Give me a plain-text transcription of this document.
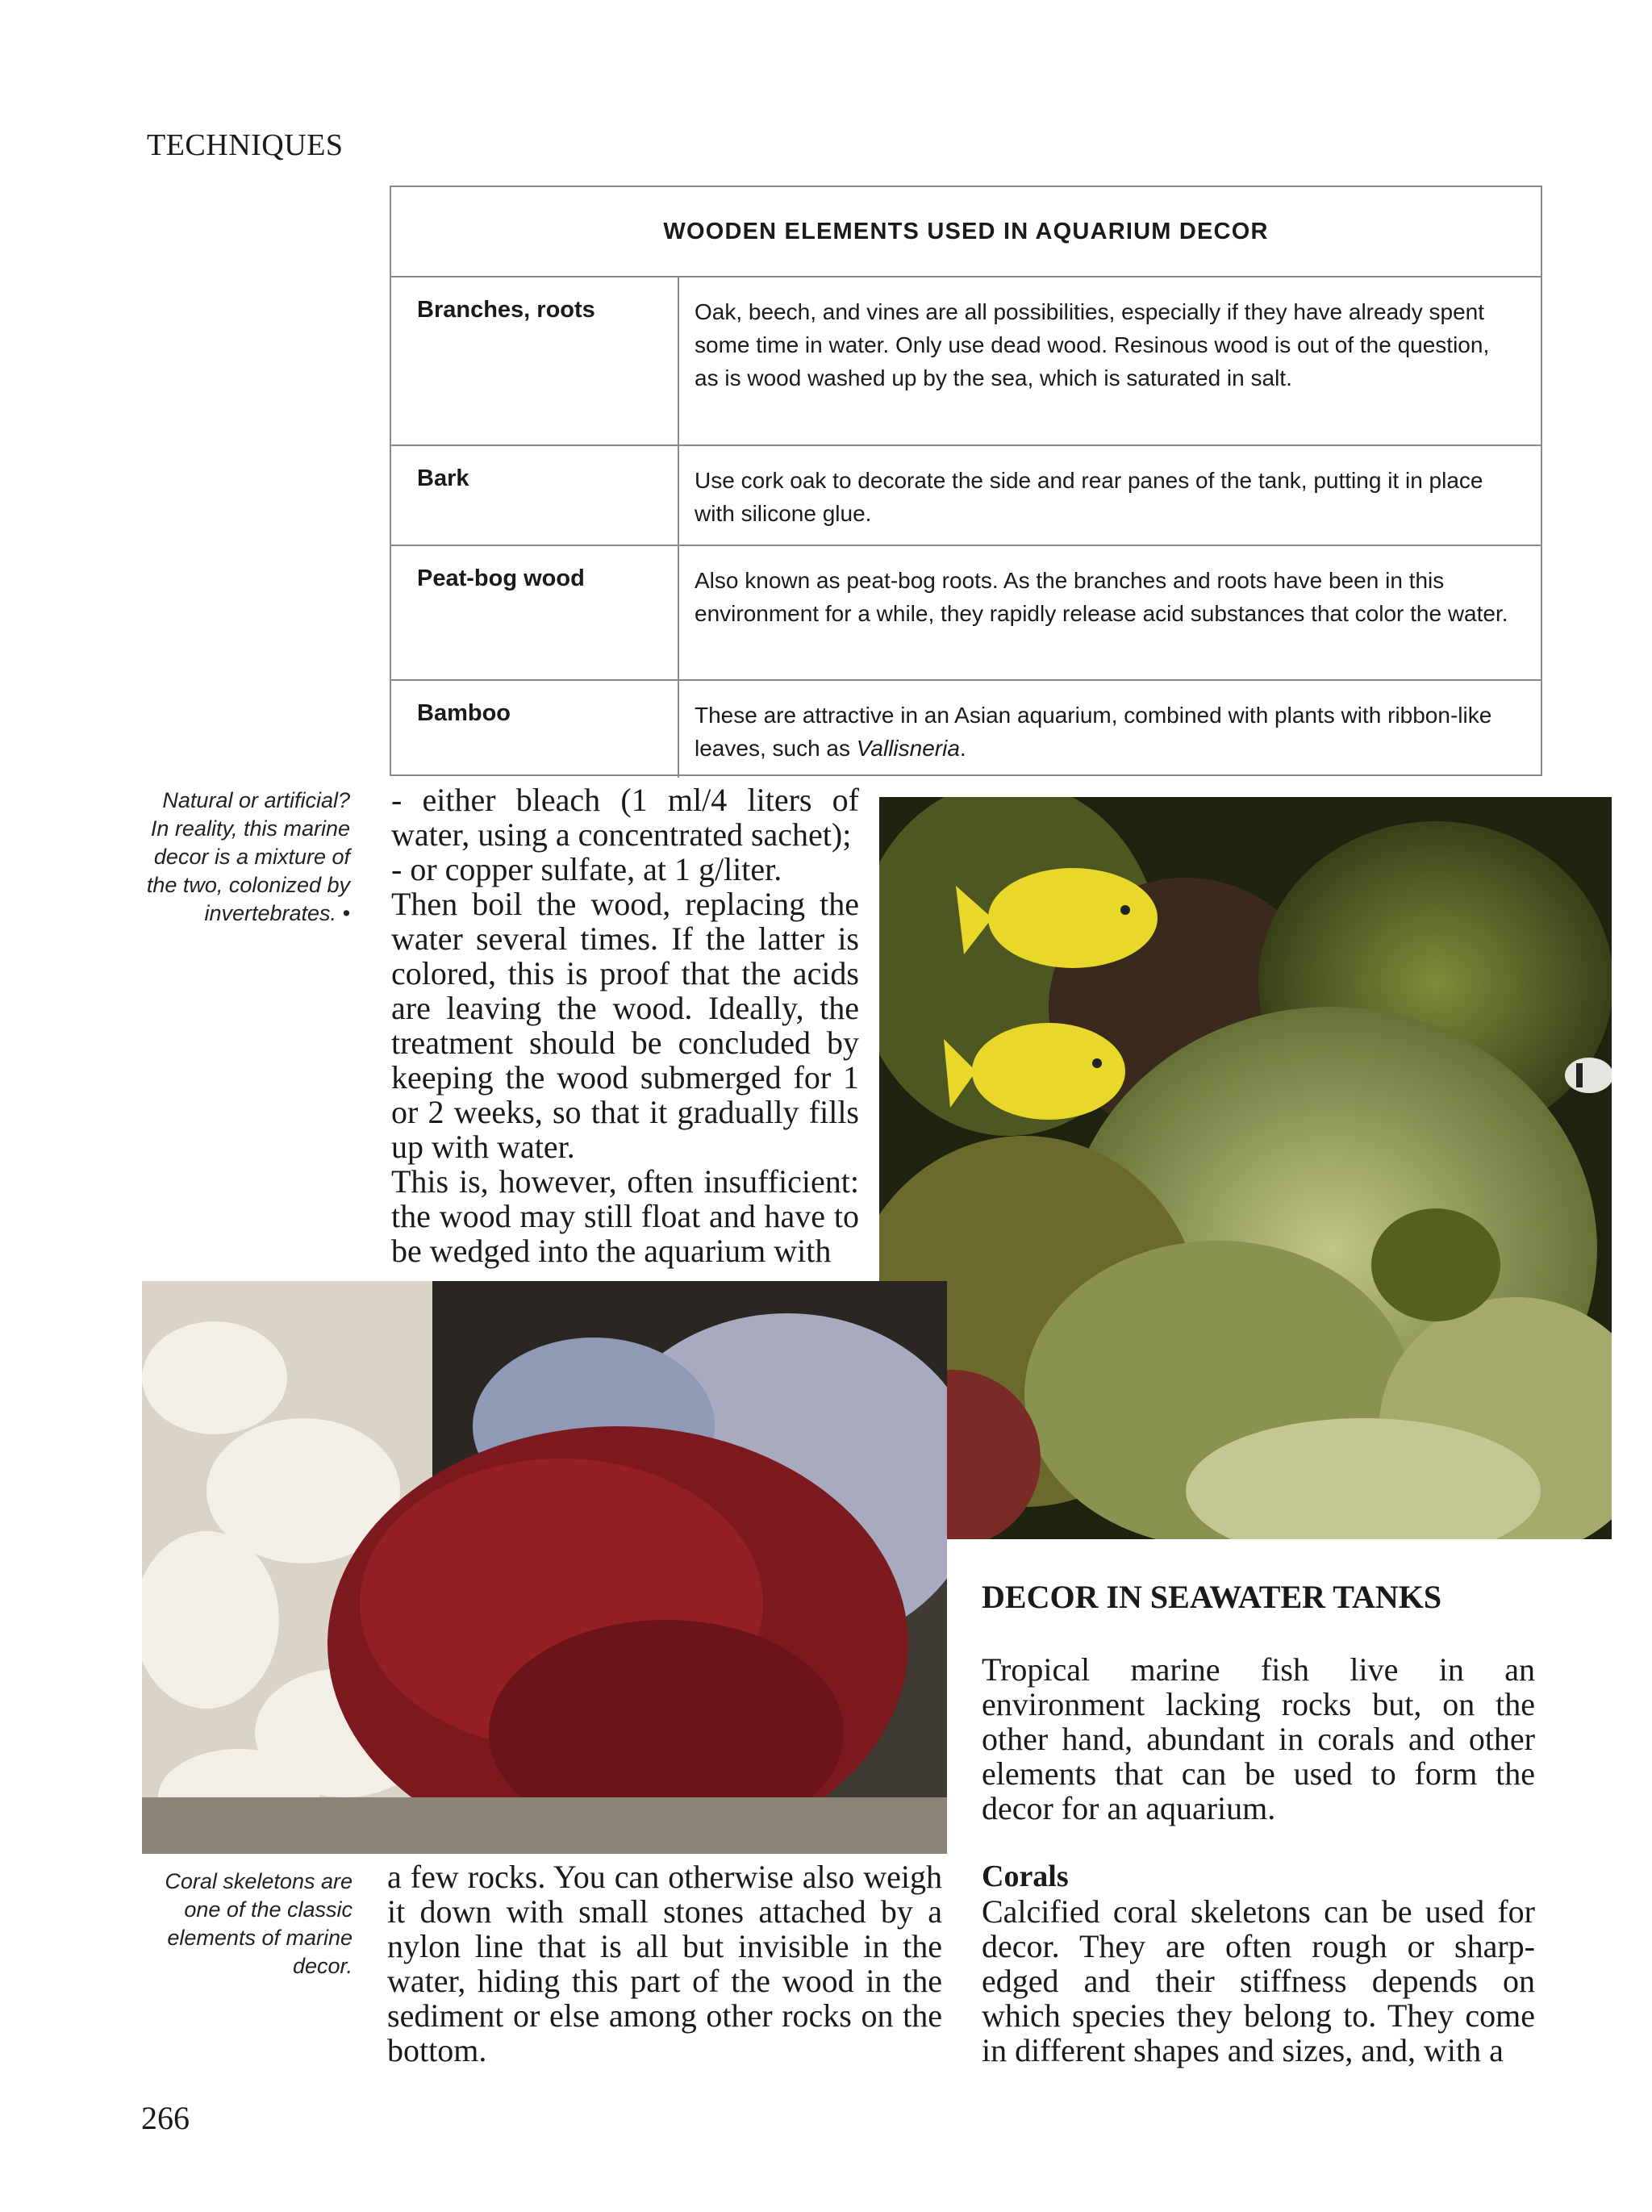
TECHNIQUES
WOODEN ELEMENTS USED IN AQUARIUM DECOR
Branches, roots	Oak, beech, and vines are all possibilities, especially if they have already spent some time in water. Only use dead wood. Resinous wood is out of the question, as is wood washed up by the sea, which is saturated in salt.
Bark	Use cork oak to decorate the side and rear panes of the tank, putting it in place with silicone glue.
Peat-bog wood	Also known as peat-bog roots. As the branches and roots have been in this environment for a while, they rapidly release acid substances that color the water.
Bamboo	These are attractive in an Asian aquarium, combined with plants with ribbon-like leaves, such as Vallisneria.
Natural or artificial? In reality, this marine decor is a mixture of the two, colonized by invertebrates. •
Coral skeletons are one of the classic elements of marine decor.

- either bleach (1 ml/4 liters of water, using a concentrated sachet);

- or copper sulfate, at 1 g/liter.

Then boil the wood, replacing the water several times. If the latter is colored, this is proof that the acids are leaving the wood. Ideally, the treatment should be concluded by keeping the wood submerged for 1 or 2 weeks, so that it gradually fills up with water.

This is, however, often insufficient: the wood may still float and have to be wedged into the aquarium with

a few rocks. You can otherwise also weigh it down with small stones attached by a nylon line that is all but invisible in the water, hiding this part of the wood in the sediment or else among other rocks on the bottom.

DECOR IN SEAWATER TANKS

Tropical marine fish live in an environment lacking rocks but, on the other hand, abundant in corals and other elements that can be used to form the decor for an aquarium.

Corals

Calcified coral skeletons can be used for decor. They are often rough or sharp-edged and their stiffness depends on which species they belong to. They come in different shapes and sizes, and, with a

266
